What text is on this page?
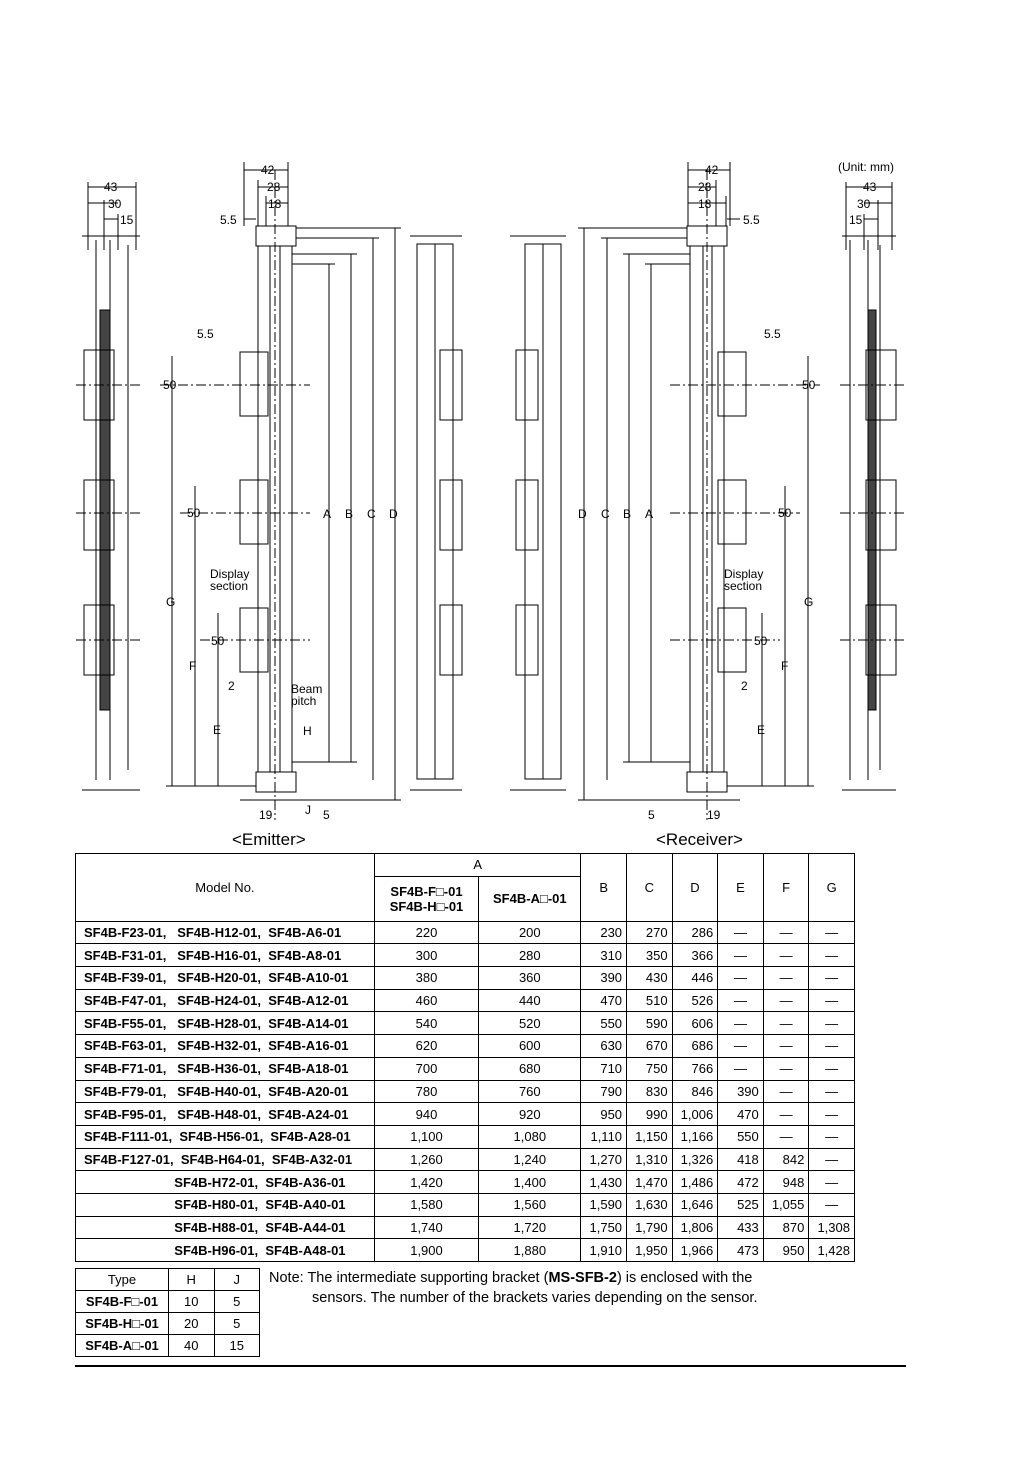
43
30
15
42
28
18
5.5
5.5
50
50
50
G
F
E
2
A B C D
H
J
19	5
Display
section
Beam
pitch
(Unit: mm)
42
28
18
5.5
43
30
15
5.5
50
50
50
G
F
E
2
D C B A
5	19
Display
section
<Emitter>	<Receiver>
Model No.	A		B	C	D	E	F	G
	SF4B-F□-01
SF4B-H□-01	SF4B-A□-01						
SF4B-F23-01,   SF4B-H12-01,  SF4B-A6-01	220	200	230	270	286	—	—	—
SF4B-F31-01,   SF4B-H16-01,  SF4B-A8-01	300	280	310	350	366	—	—	—
SF4B-F39-01,   SF4B-H20-01,  SF4B-A10-01	380	360	390	430	446	—	—	—
SF4B-F47-01,   SF4B-H24-01,  SF4B-A12-01	460	440	470	510	526	—	—	—
SF4B-F55-01,   SF4B-H28-01,  SF4B-A14-01	540	520	550	590	606	—	—	—
SF4B-F63-01,   SF4B-H32-01,  SF4B-A16-01	620	600	630	670	686	—	—	—
SF4B-F71-01,   SF4B-H36-01,  SF4B-A18-01	700	680	710	750	766	—	—	—
SF4B-F79-01,   SF4B-H40-01,  SF4B-A20-01	780	760	790	830	846	390	—	—
SF4B-F95-01,   SF4B-H48-01,  SF4B-A24-01	940	920	950	990	1,006	470	—	—
SF4B-F111-01,  SF4B-H56-01,  SF4B-A28-01	1,100	1,080	1,110	1,150	1,166	550	—	—
SF4B-F127-01,  SF4B-H64-01,  SF4B-A32-01	1,260	1,240	1,270	1,310	1,326	418	842	—
SF4B-H72-01,  SF4B-A36-01	1,420	1,400	1,430	1,470	1,486	472	948	—
SF4B-H80-01,  SF4B-A40-01	1,580	1,560	1,590	1,630	1,646	525	1,055	—
SF4B-H88-01,  SF4B-A44-01	1,740	1,720	1,750	1,790	1,806	433	870	1,308
SF4B-H96-01,  SF4B-A48-01	1,900	1,880	1,910	1,950	1,966	473	950	1,428
Type	H	J
SF4B-F□-01	10	5
SF4B-H□-01	20	5
SF4B-A□-01	40	15
Note: The intermediate supporting bracket (MS-SFB-2) is enclosed with the
sensors. The number of the brackets varies depending on the sensor.
